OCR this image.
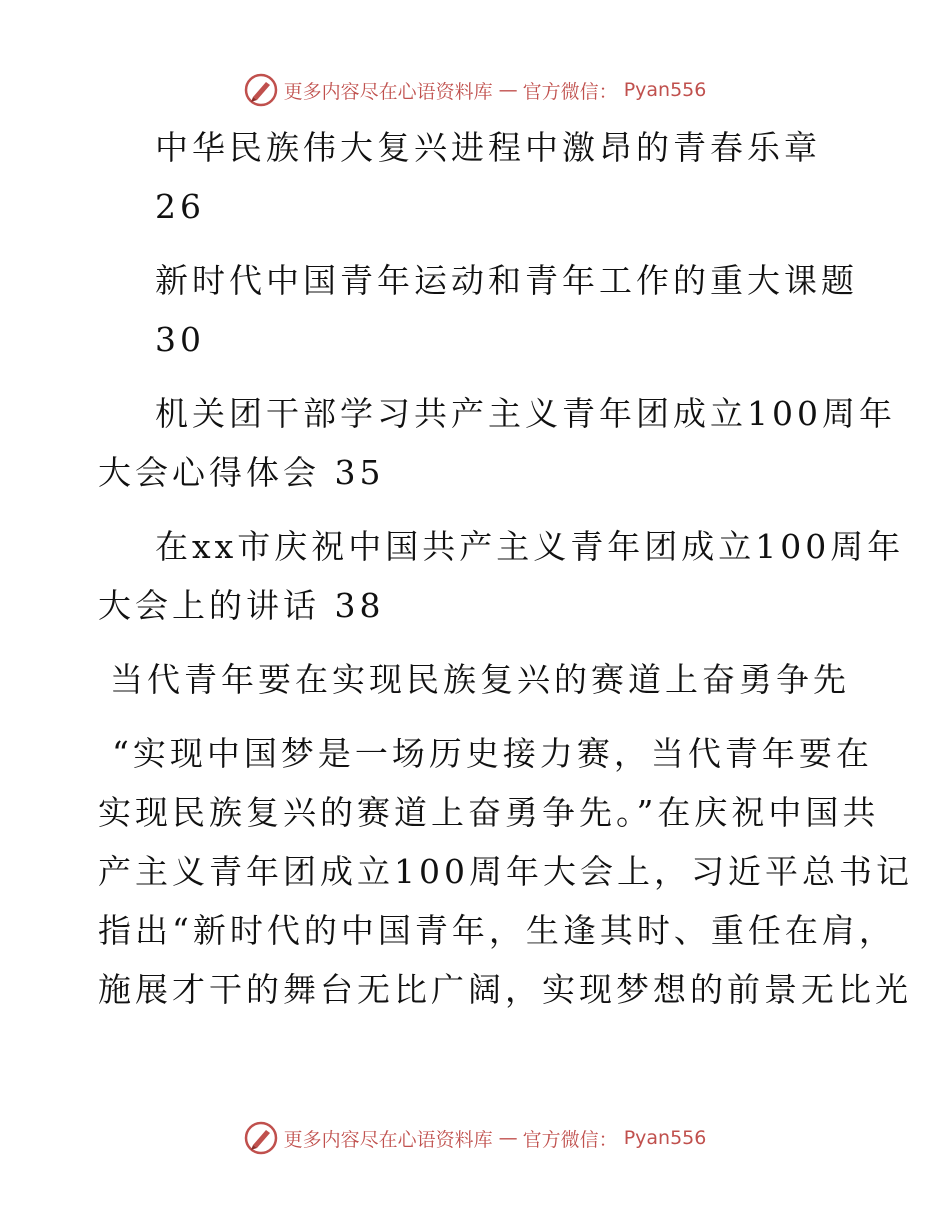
更多内容尽在心语资料库 — 官方微信： Pyan556
中华民族伟大复兴进程中激昂的青春乐章
26
新时代中国青年运动和青年工作的重大课题
30
机关团干部学习共产主义青年团成立100周年
大会心得体会 35
在xx市庆祝中国共产主义青年团成立100周年
大会上的讲话 38
当代青年要在实现民族复兴的赛道上奋勇争先
“实现中国梦是一场历史接力赛，当代青年要在
实现民族复兴的赛道上奋勇争先。”在庆祝中国共
产主义青年团成立100周年大会上，习近平总书记
指出“新时代的中国青年，生逢其时、重任在肩，
施展才干的舞台无比广阔，实现梦想的前景无比光
更多内容尽在心语资料库 — 官方微信： Pyan556
